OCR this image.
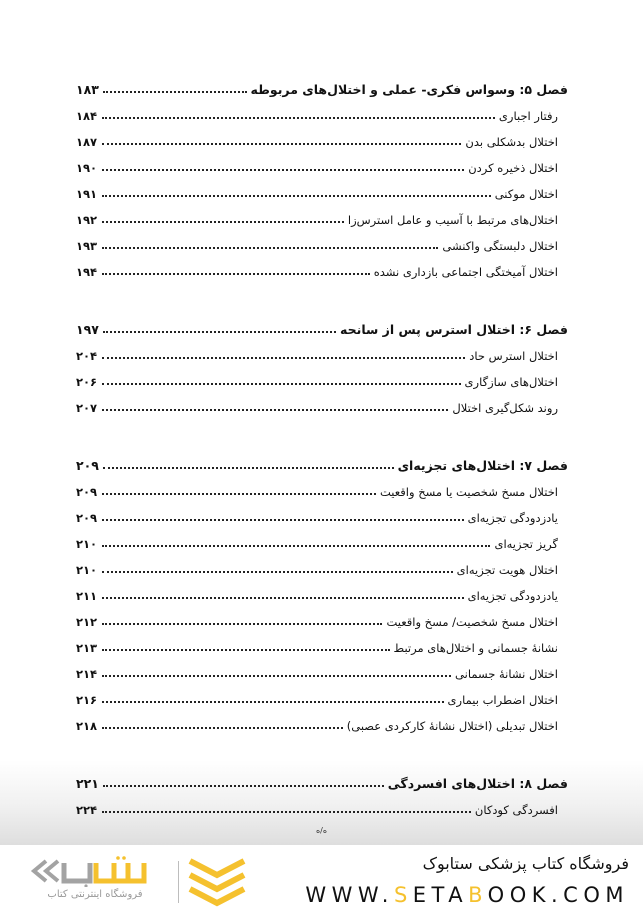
فصل ۵: وسواس فکری- عملی و اختلال‌های مربوطه
۱۸۳
رفتار اجباری
۱۸۴
اختلال بدشکلی بدن
۱۸۷
اختلال ذخیره کردن
۱۹۰
اختلال موکنی
۱۹۱
اختلال‌های مرتبط با آسیب و عامل استرس‌زا
۱۹۲
اختلال دلبستگی واکنشی
۱۹۳
اختلال آمیختگی اجتماعی بازداری نشده
۱۹۴
فصل ۶: اختلال استرس پس از سانحه
۱۹۷
اختلال استرس حاد
۲۰۴
اختلال‌های سازگاری
۲۰۶
روند شکل‌گیری اختلال
۲۰۷
فصل ۷: اختلال‌های تجزیه‌ای
۲۰۹
اختلال مسخ شخصیت یا مسخ واقعیت
۲۰۹
یادزدودگی تجزیه‌ای
۲۰۹
گریز تجزیه‌ای
۲۱۰
اختلال هویت تجزیه‌ای
۲۱۰
یادزدودگی تجزیه‌ای
۲۱۱
اختلال مسخ شخصیت/ مسخ واقعیت
۲۱۲
نشانهٔ جسمانی و اختلال‌های مرتبط
۲۱۳
اختلال نشانهٔ جسمانی
۲۱۴
اختلال اضطراب بیماری
۲۱۶
اختلال تبدیلی (اختلال نشانهٔ کارکردی عصبی)
۲۱۸
فصل ۸: اختلال‌های افسردگی
۲۲۱
افسردگی کودکان
۲۲۴
ه/ه
فروشگاه اینترنتی کتاب
فروشگاه کتاب پزشکی ستابوک
WWW.SETABOOK.COM
